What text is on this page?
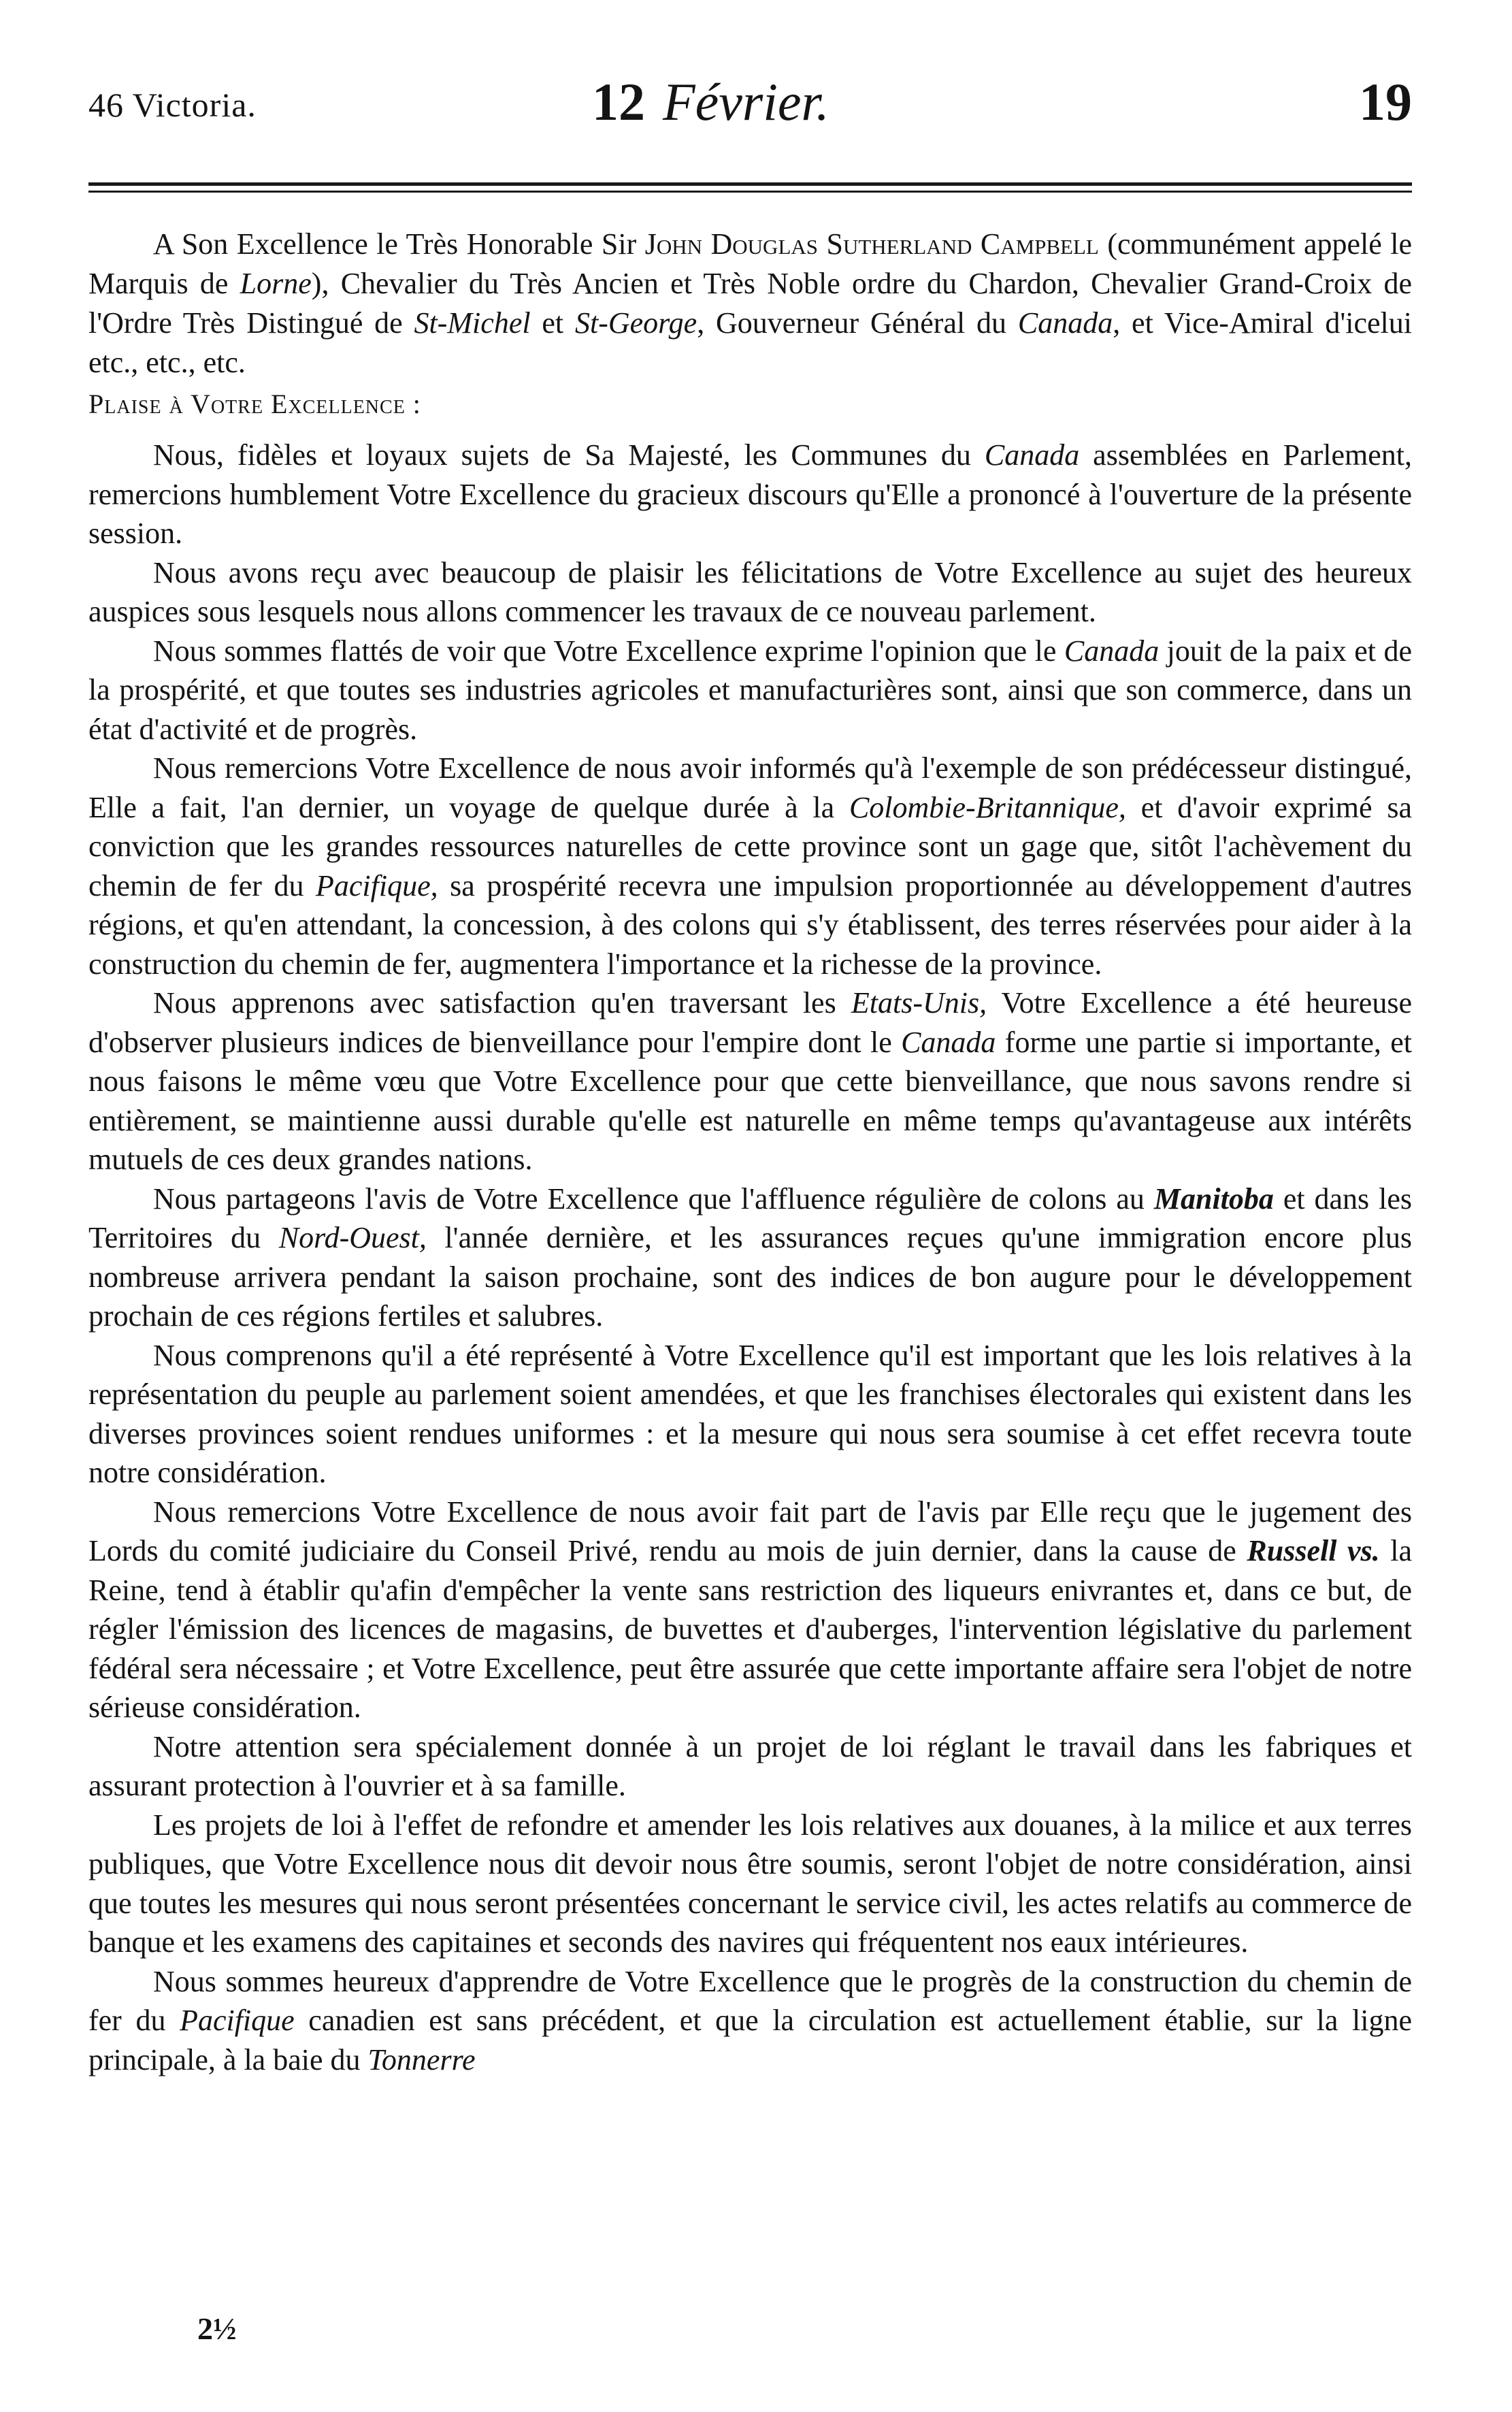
46 Victoria.	12 Février.	19
A Son Excellence le Très Honorable Sir John Douglas Sutherland Campbell (communément appelé le Marquis de Lorne), Chevalier du Très Ancien et Très Noble ordre du Chardon, Chevalier Grand-Croix de l'Ordre Très Distingué de St-Michel et St-George, Gouverneur Général du Canada, et Vice-Amiral d'icelui etc., etc., etc.
Plaise à Votre Excellence :

Nous, fidèles et loyaux sujets de Sa Majesté, les Communes du Canada assemblées en Parlement, remercions humblement Votre Excellence du gracieux discours qu'Elle a prononcé à l'ouverture de la présente session.

Nous avons reçu avec beaucoup de plaisir les félicitations de Votre Excellence au sujet des heureux auspices sous lesquels nous allons commencer les travaux de ce nouveau parlement.

Nous sommes flattés de voir que Votre Excellence exprime l'opinion que le Canada jouit de la paix et de la prospérité, et que toutes ses industries agricoles et manufacturières sont, ainsi que son commerce, dans un état d'activité et de progrès.

Nous remercions Votre Excellence de nous avoir informés qu'à l'exemple de son prédécesseur distingué, Elle a fait, l'an dernier, un voyage de quelque durée à la Colombie-Britannique, et d'avoir exprimé sa conviction que les grandes ressources naturelles de cette province sont un gage que, sitôt l'achèvement du chemin de fer du Pacifique, sa prospérité recevra une impulsion proportionnée au développement d'autres régions, et qu'en attendant, la concession, à des colons qui s'y établissent, des terres réservées pour aider à la construction du chemin de fer, augmentera l'importance et la richesse de la province.

Nous apprenons avec satisfaction qu'en traversant les Etats-Unis, Votre Excellence a été heureuse d'observer plusieurs indices de bienveillance pour l'empire dont le Canada forme une partie si importante, et nous faisons le même vœu que Votre Excellence pour que cette bienveillance, que nous savons rendre si entièrement, se maintienne aussi durable qu'elle est naturelle en même temps qu'avantageuse aux intérêts mutuels de ces deux grandes nations.

Nous partageons l'avis de Votre Excellence que l'affluence régulière de colons au Manitoba et dans les Territoires du Nord-Ouest, l'année dernière, et les assurances reçues qu'une immigration encore plus nombreuse arrivera pendant la saison prochaine, sont des indices de bon augure pour le développement prochain de ces régions fertiles et salubres.

Nous comprenons qu'il a été représenté à Votre Excellence qu'il est important que les lois relatives à la représentation du peuple au parlement soient amendées, et que les franchises électorales qui existent dans les diverses provinces soient rendues uniformes : et la mesure qui nous sera soumise à cet effet recevra toute notre considération.

Nous remercions Votre Excellence de nous avoir fait part de l'avis par Elle reçu que le jugement des Lords du comité judiciaire du Conseil Privé, rendu au mois de juin dernier, dans la cause de Russell vs. la Reine, tend à établir qu'afin d'empêcher la vente sans restriction des liqueurs enivrantes et, dans ce but, de régler l'émission des licences de magasins, de buvettes et d'auberges, l'intervention législative du parlement fédéral sera nécessaire ; et Votre Excellence, peut être assurée que cette importante affaire sera l'objet de notre sérieuse considération.

Notre attention sera spécialement donnée à un projet de loi réglant le travail dans les fabriques et assurant protection à l'ouvrier et à sa famille.

Les projets de loi à l'effet de refondre et amender les lois relatives aux douanes, à la milice et aux terres publiques, que Votre Excellence nous dit devoir nous être soumis, seront l'objet de notre considération, ainsi que toutes les mesures qui nous seront présentées concernant le service civil, les actes relatifs au commerce de banque et les examens des capitaines et seconds des navires qui fréquentent nos eaux intérieures.

Nous sommes heureux d'apprendre de Votre Excellence que le progrès de la construction du chemin de fer du Pacifique canadien est sans précédent, et que la circulation est actuellement établie, sur la ligne principale, à la baie du Tonnerre

2½
